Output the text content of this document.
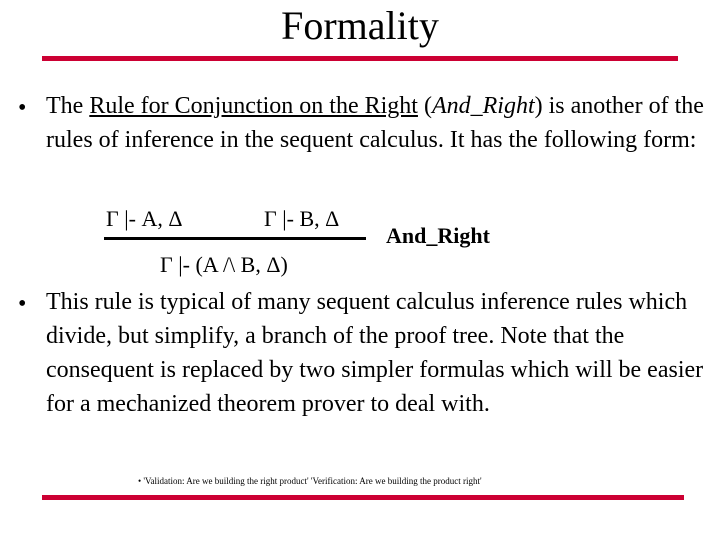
Formality
• The Rule for Conjunction on the Right (And_Right) is another of the rules of inference in the sequent calculus. It has the following form:
Γ |- A, Δ	Γ |- B, Δ
Γ |- (A /\ B, Δ)
And_Right
• This rule is typical of many sequent calculus inference rules which divide, but simplify, a branch of the proof tree. Note that the consequent is replaced by two simpler formulas which will be easier for a mechanized theorem prover to deal with.
• 'Validation: Are we building the right product' 'Verification: Are we building the product right'
